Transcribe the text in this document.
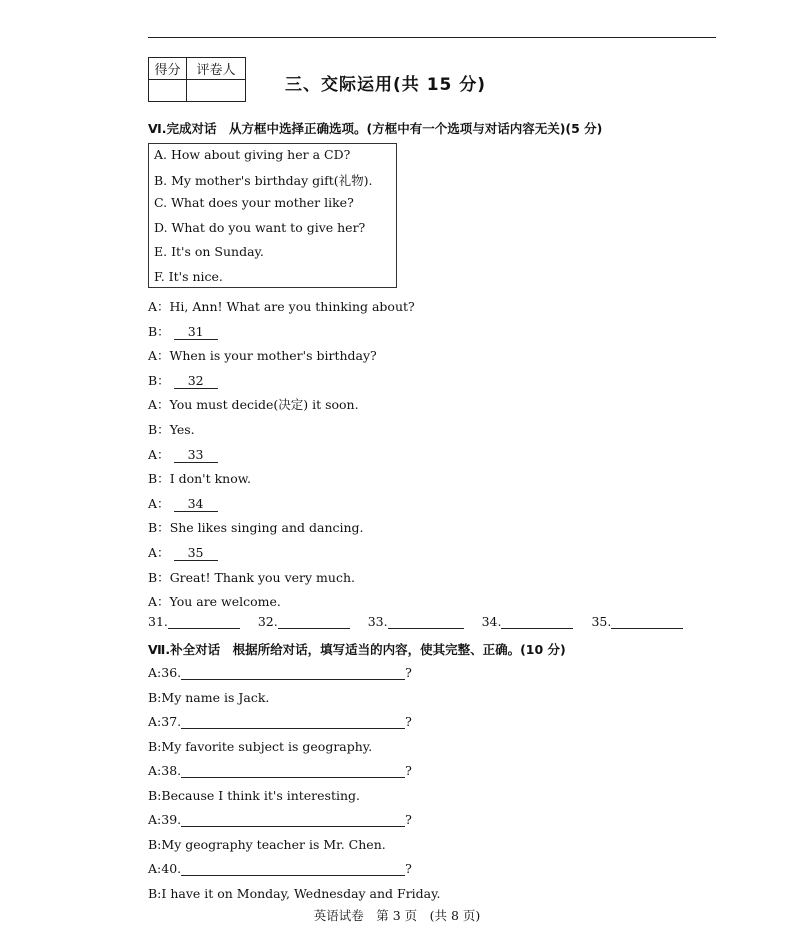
得分	评卷人

三、交际运用(共 15 分)
Ⅵ.完成对话　从方框中选择正确选项。(方框中有一个选项与对话内容无关)(5 分)
A. How about giving her a CD?
B. My mother's birthday gift(礼物).
C. What does your mother like?
D. What do you want to give her?
E. It's on Sunday.
F. It's nice.
A：Hi, Ann! What are you thinking about?
B： 31
A：When is your mother's birthday?
B： 32
A：You must decide(决定) it soon.
B：Yes.
A： 33
B：I don't know.
A： 34
B：She likes singing and dancing.
A： 35
B：Great! Thank you very much.
A：You are welcome.
31.	32.	33.	34.	35.
Ⅶ.补全对话　根据所给对话，填写适当的内容，使其完整、正确。(10 分)
A:36.	?
B:My name is Jack.
A:37.	?
B:My favorite subject is geography.
A:38.	?
B:Because I think it's interesting.
A:39.	?
B:My geography teacher is Mr. Chen.
A:40.	?
B:I have it on Monday, Wednesday and Friday.
英语试卷　第 3 页　(共 8 页)
